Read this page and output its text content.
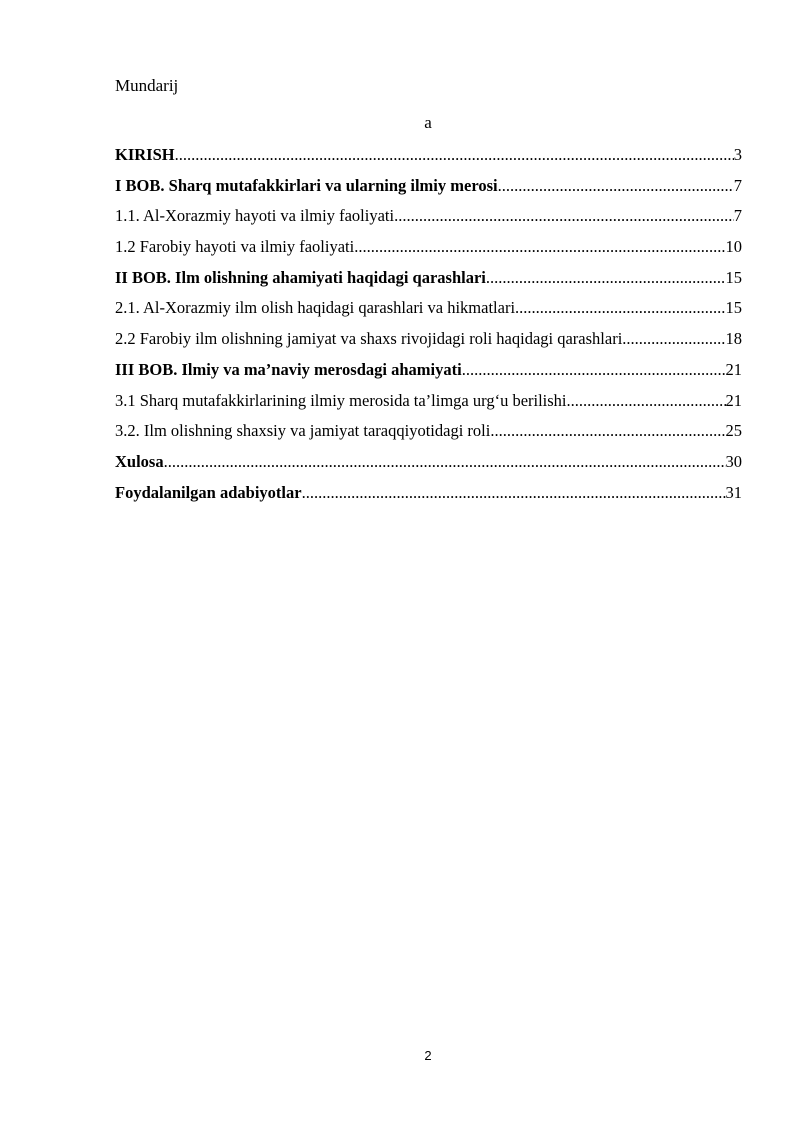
Mundarij
a
KIRISH .....	3
I BOB. Sharq mutafakkirlari va ularning ilmiy merosi .....	7
1.1. Al-Xorazmiy hayoti va ilmiy faoliyati .....	7
1.2 Farobiy hayoti va ilmiy faoliyati .....	10
II BOB. Ilm olishning ahamiyati haqidagi qarashlari .....	15
2.1. Al-Xorazmiy ilm olish haqidagi qarashlari va hikmatlari .....	15
2.2 Farobiy ilm olishning jamiyat va shaxs rivojidagi roli haqidagi qarashlari .....	18
III BOB. Ilmiy va ma’naviy merosdagi ahamiyati .....	21
3.1 Sharq mutafakkirlarining ilmiy merosida ta’limga urg‘u berilishi .....	21
3.2. Ilm olishning shaxsiy va jamiyat taraqqiyotidagi roli .....	25
Xulosa .....	30
Foydalanilgan adabiyotlar .....	31
2
